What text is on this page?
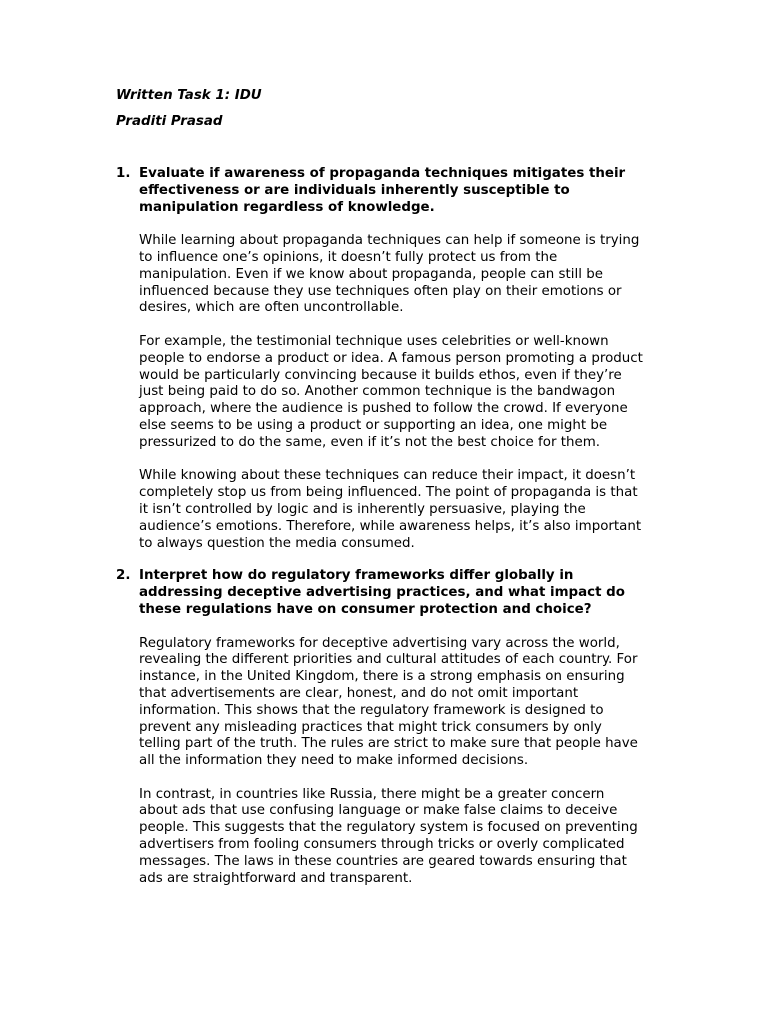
Written Task 1: IDU
Praditi Prasad
1. Evaluate if awareness of propaganda techniques mitigates their
effectiveness or are individuals inherently susceptible to
manipulation regardless of knowledge.

While learning about propaganda techniques can help if someone is trying
to influence one’s opinions, it doesn’t fully protect us from the
manipulation. Even if we know about propaganda, people can still be
influenced because they use techniques often play on their emotions or
desires, which are often uncontrollable.

For example, the testimonial technique uses celebrities or well-known
people to endorse a product or idea. A famous person promoting a product
would be particularly convincing because it builds ethos, even if they’re
just being paid to do so. Another common technique is the bandwagon
approach, where the audience is pushed to follow the crowd. If everyone
else seems to be using a product or supporting an idea, one might be
pressurized to do the same, even if it’s not the best choice for them.

While knowing about these techniques can reduce their impact, it doesn’t
completely stop us from being influenced. The point of propaganda is that
it isn’t controlled by logic and is inherently persuasive, playing the
audience’s emotions. Therefore, while awareness helps, it’s also important
to always question the media consumed.

2. Interpret how do regulatory frameworks differ globally in
addressing deceptive advertising practices, and what impact do
these regulations have on consumer protection and choice?

Regulatory frameworks for deceptive advertising vary across the world,
revealing the different priorities and cultural attitudes of each country. For
instance, in the United Kingdom, there is a strong emphasis on ensuring
that advertisements are clear, honest, and do not omit important
information. This shows that the regulatory framework is designed to
prevent any misleading practices that might trick consumers by only
telling part of the truth. The rules are strict to make sure that people have
all the information they need to make informed decisions.

In contrast, in countries like Russia, there might be a greater concern
about ads that use confusing language or make false claims to deceive
people. This suggests that the regulatory system is focused on preventing
advertisers from fooling consumers through tricks or overly complicated
messages. The laws in these countries are geared towards ensuring that
ads are straightforward and transparent.
